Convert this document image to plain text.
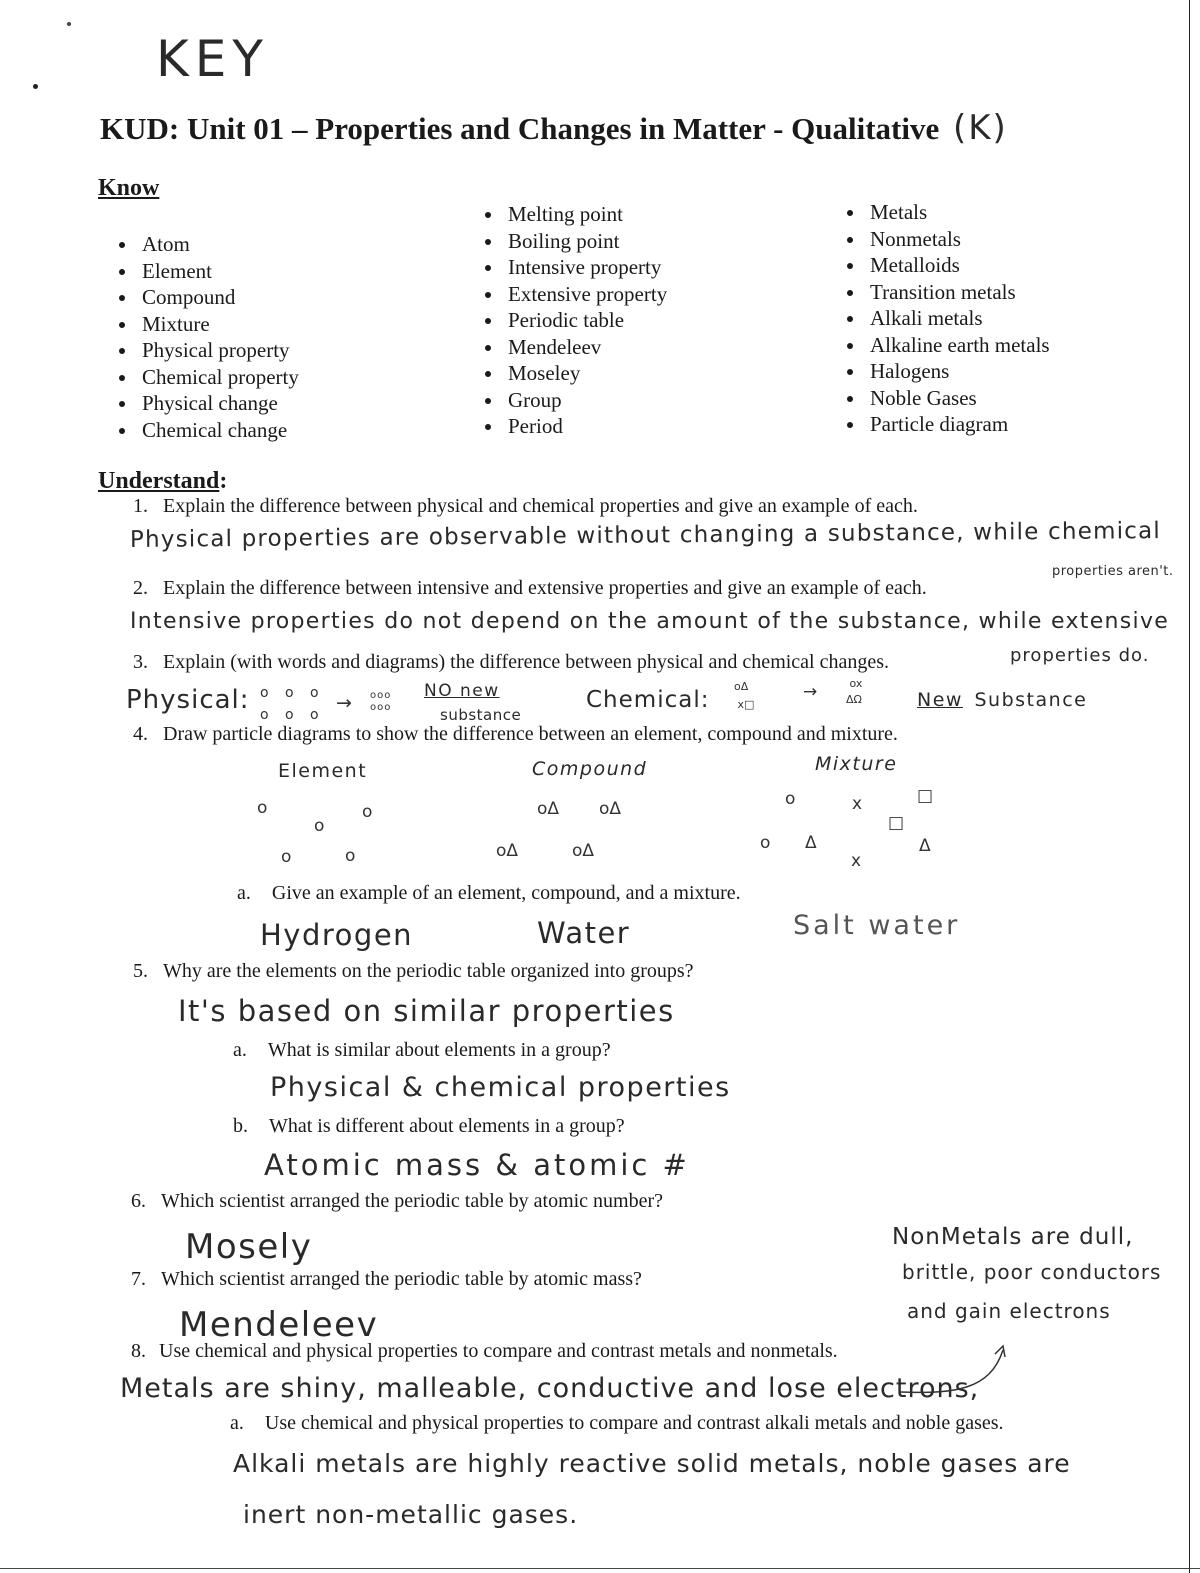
KEY
KUD: Unit 01 – Properties and Changes in Matter - Qualitative (K)
Know
• Atom
• Element
• Compound
• Mixture
• Physical property
• Chemical property
• Physical change
• Chemical change
• Melting point
• Boiling point
• Intensive property
• Extensive property
• Periodic table
• Mendeleev
• Moseley
• Group
• Period
• Metals
• Nonmetals
• Metalloids
• Transition metals
• Alkali metals
• Alkaline earth metals
• Halogens
• Noble Gases
• Particle diagram
Understand:
1. Explain the difference between physical and chemical properties and give an example of each.
Physical properties are observable without changing a substance, while chemical
properties aren't.
2. Explain the difference between intensive and extensive properties and give an example of each.
Intensive properties do not depend on the amount of the substance, while extensive
properties do.
3. Explain (with words and diagrams) the difference between physical and chemical changes.
Physical: o o o
o o o
→ ooo
ooo
NO new
substance
Chemical:
oΔ
x□
→	ox
ΔΩ	New Substance
4. Draw particle diagrams to show the difference between an element, compound and mixture.
Element	Compound	Mixture
o	o
o
o	o
oΔ oΔ
oΔ	oΔ
o	x	□
□
o Δ	Δ
x
a. Give an example of an element, compound, and a mixture.
Hydrogen	Water	Salt water
5. Why are the elements on the periodic table organized into groups?
It's based on similar properties
a. What is similar about elements in a group?
Physical & chemical properties
b. What is different about elements in a group?
Atomic mass & atomic #
6. Which scientist arranged the periodic table by atomic number?
Mosely	NonMetals are dull,
brittle, poor conductors
and gain electrons
7. Which scientist arranged the periodic table by atomic mass?
Mendeleev
8. Use chemical and physical properties to compare and contrast metals and nonmetals.
Metals are shiny, malleable, conductive and lose electrons,
a. Use chemical and physical properties to compare and contrast alkali metals and noble gases.
Alkali metals are highly reactive solid metals, noble gases are
inert non-metallic gases.
